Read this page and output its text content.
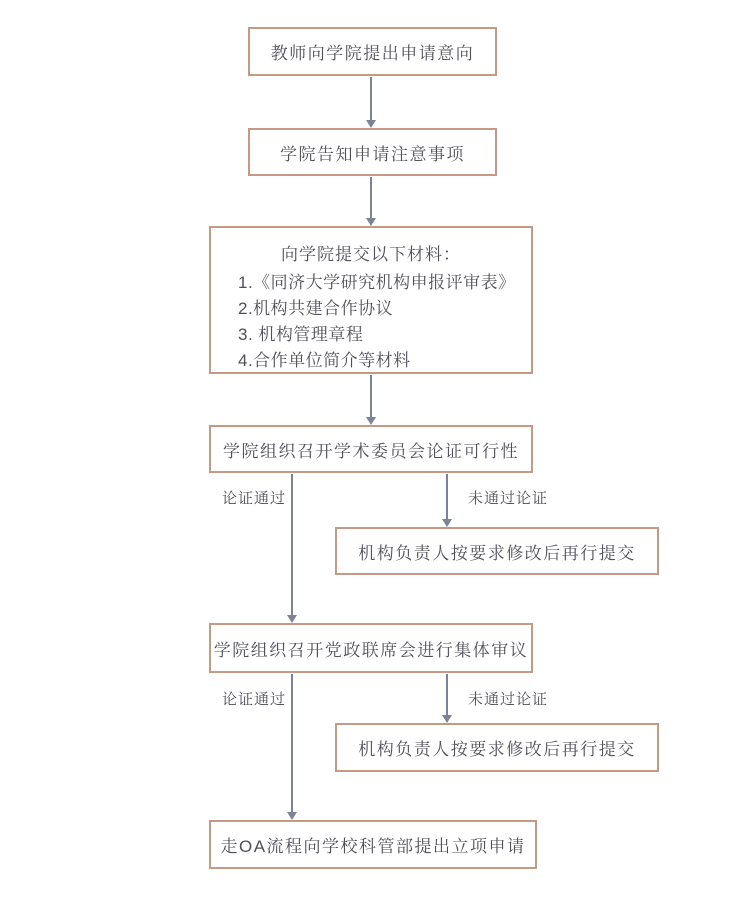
教师向学院提出申请意向
学院告知申请注意事项
向学院提交以下材料：
1.《同济大学研究机构申报评审表》
2.机构共建合作协议
3. 机构管理章程
4.合作单位简介等材料
学院组织召开学术委员会论证可行性
论证通过	未通过论证
机构负责人按要求修改后再行提交
学院组织召开党政联席会进行集体审议
论证通过	未通过论证
机构负责人按要求修改后再行提交
走OA流程向学校科管部提出立项申请
